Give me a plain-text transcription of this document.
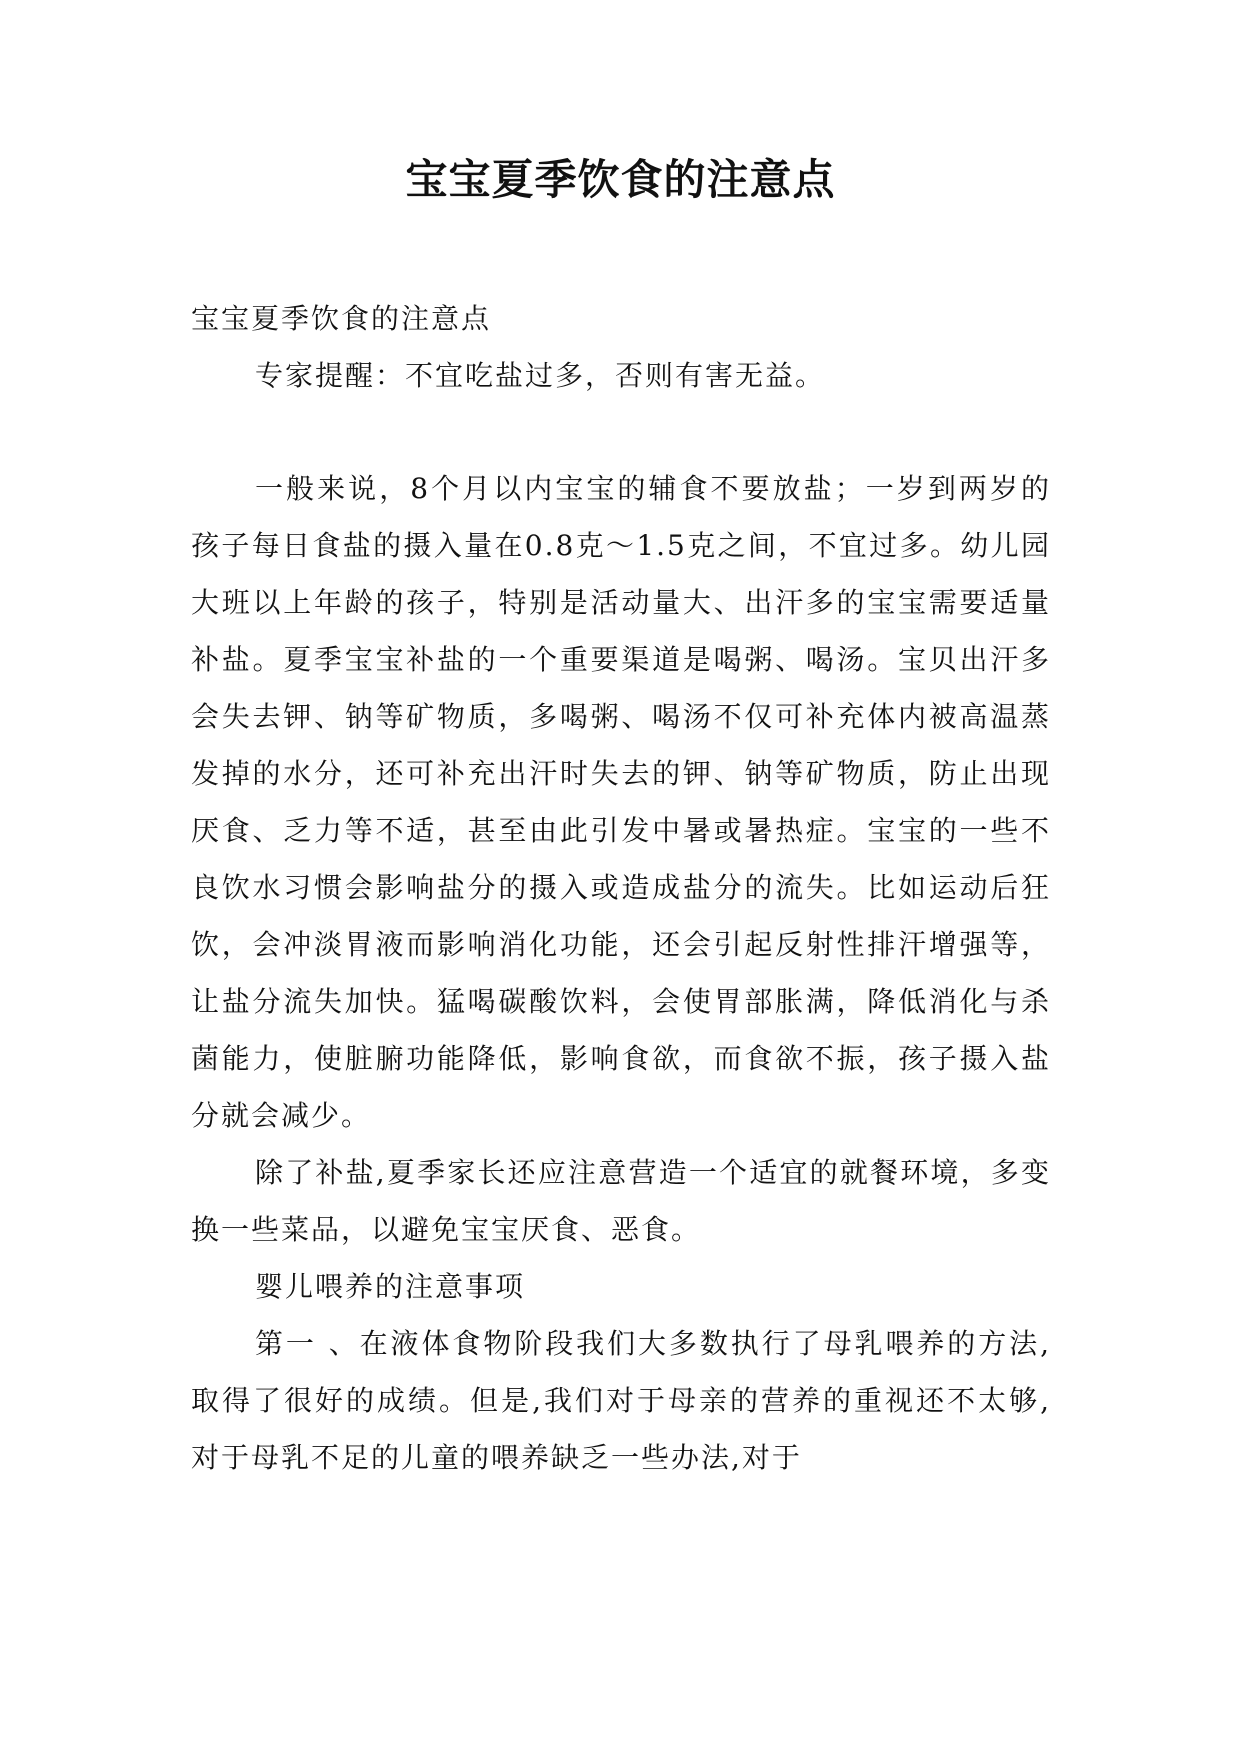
宝宝夏季饮食的注意点

宝宝夏季饮食的注意点

专家提醒：不宜吃盐过多，否则有害无益。

一般来说，8个月以内宝宝的辅食不要放盐；一岁到两岁的孩子每日食盐的摄入量在0.8克～1.5克之间，不宜过多。幼儿园大班以上年龄的孩子，特别是活动量大、出汗多的宝宝需要适量补盐。夏季宝宝补盐的一个重要渠道是喝粥、喝汤。宝贝出汗多会失去钾、钠等矿物质，多喝粥、喝汤不仅可补充体内被高温蒸发掉的水分，还可补充出汗时失去的钾、钠等矿物质，防止出现厌食、乏力等不适，甚至由此引发中暑或暑热症。宝宝的一些不良饮水习惯会影响盐分的摄入或造成盐分的流失。比如运动后狂饮，会冲淡胃液而影响消化功能，还会引起反射性排汗增强等，让盐分流失加快。猛喝碳酸饮料，会使胃部胀满，降低消化与杀菌能力，使脏腑功能降低，影响食欲，而食欲不振，孩子摄入盐分就会减少。

除了补盐,夏季家长还应注意营造一个适宜的就餐环境，多变换一些菜品，以避免宝宝厌食、恶食。

婴儿喂养的注意事项

第一 、在液体食物阶段我们大多数执行了母乳喂养的方法,取得了很好的成绩。但是,我们对于母亲的营养的重视还不太够,对于母乳不足的儿童的喂养缺乏一些办法,对于
